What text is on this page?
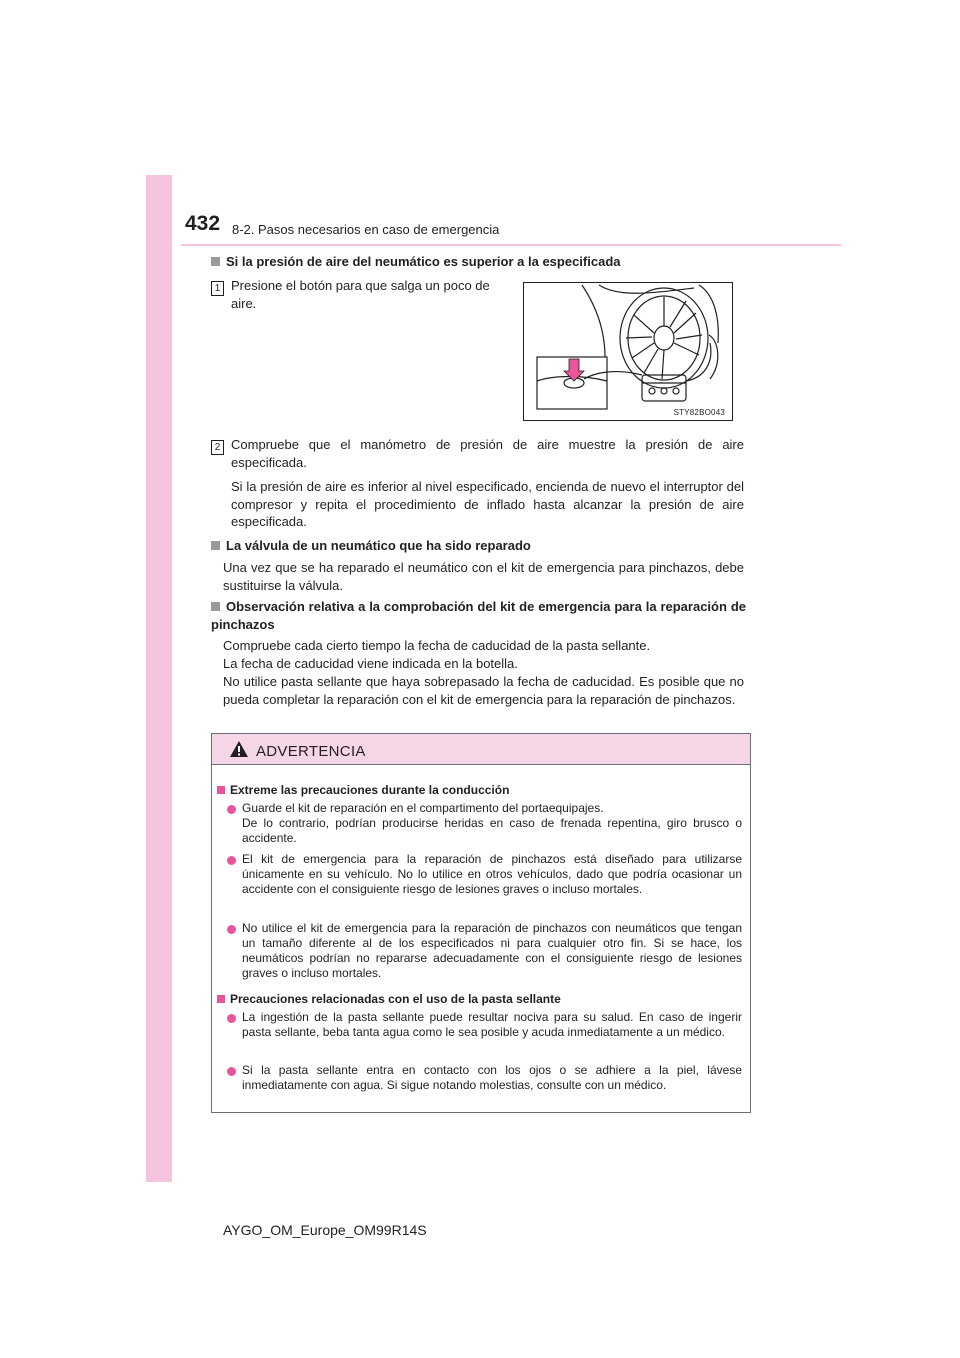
432 8-2. Pasos necesarios en caso de emergencia
Si la presión de aire del neumático es superior a la especificada
1 Presione el botón para que salga un poco de aire.
STY82BO043
2 Compruebe que el manómetro de presión de aire muestre la presión de aire especificada.
Si la presión de aire es inferior al nivel especificado, encienda de nuevo el interruptor del compresor y repita el procedimiento de inflado hasta alcanzar la presión de aire especificada.
La válvula de un neumático que ha sido reparado
Una vez que se ha reparado el neumático con el kit de emergencia para pinchazos, debe sustituirse la válvula.
Observación relativa a la comprobación del kit de emergencia para la reparación de pinchazos
Compruebe cada cierto tiempo la fecha de caducidad de la pasta sellante.
La fecha de caducidad viene indicada en la botella.
No utilice pasta sellante que haya sobrepasado la fecha de caducidad. Es posible que no pueda completar la reparación con el kit de emergencia para la reparación de pinchazos.
ADVERTENCIA
Extreme las precauciones durante la conducción
Guarde el kit de reparación en el compartimento del portaequipajes.
De lo contrario, podrían producirse heridas en caso de frenada repentina, giro brusco o accidente.
El kit de emergencia para la reparación de pinchazos está diseñado para utilizarse únicamente en su vehículo. No lo utilice en otros vehículos, dado que podría ocasionar un accidente con el consiguiente riesgo de lesiones graves o incluso mortales.
No utilice el kit de emergencia para la reparación de pinchazos con neumáticos que tengan un tamaño diferente al de los especificados ni para cualquier otro fin. Si se hace, los neumáticos podrían no repararse adecuadamente con el consiguiente riesgo de lesiones graves o incluso mortales.
Precauciones relacionadas con el uso de la pasta sellante
La ingestión de la pasta sellante puede resultar nociva para su salud. En caso de ingerir pasta sellante, beba tanta agua como le sea posible y acuda inmediatamente a un médico.
Si la pasta sellante entra en contacto con los ojos o se adhiere a la piel, lávese inmediatamente con agua. Si sigue notando molestias, consulte con un médico.
AYGO_OM_Europe_OM99R14S
